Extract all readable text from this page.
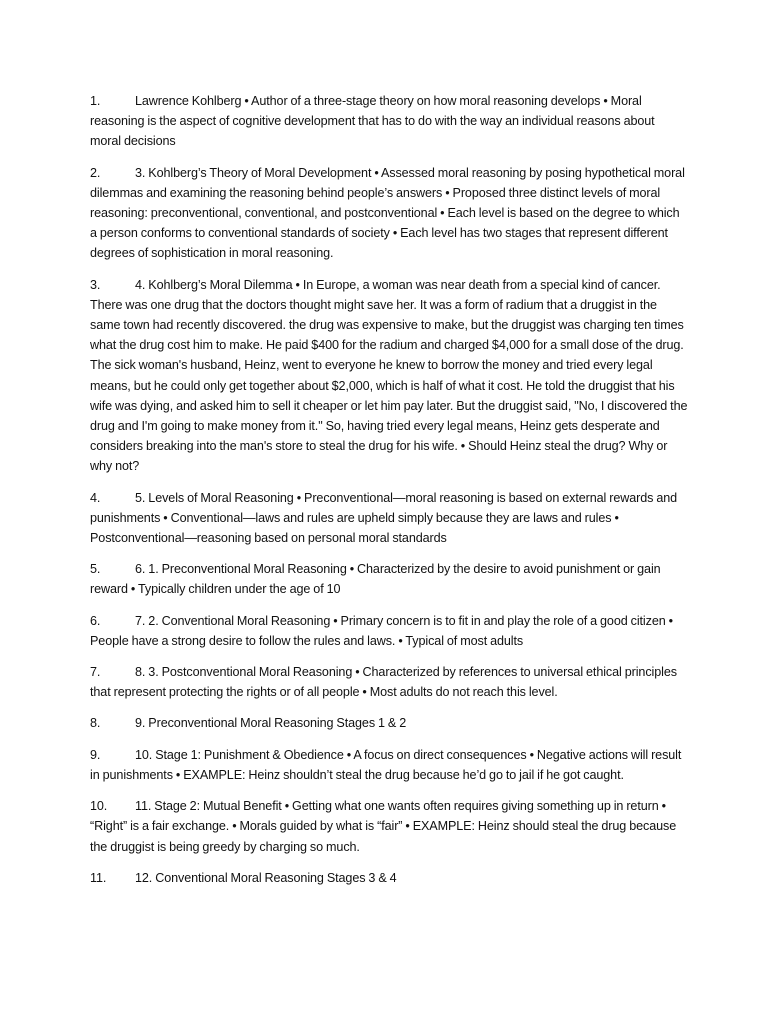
1.	Lawrence Kohlberg • Author of a three-stage theory on how moral reasoning develops • Moral reasoning is the aspect of cognitive development that has to do with the way an individual reasons about moral decisions

2.	3. Kohlberg’s Theory of Moral Development • Assessed moral reasoning by posing hypothetical moral dilemmas and examining the reasoning behind people’s answers • Proposed three distinct levels of moral reasoning: preconventional, conventional, and postconventional • Each level is based on the degree to which a person conforms to conventional standards of society • Each level has two stages that represent different degrees of sophistication in moral reasoning.

3.	4. Kohlberg’s Moral Dilemma • In Europe, a woman was near death from a special kind of cancer. There was one drug that the doctors thought might save her. It was a form of radium that a druggist in the same town had recently discovered. the drug was expensive to make, but the druggist was charging ten times what the drug cost him to make. He paid $400 for the radium and charged $4,000 for a small dose of the drug. The sick woman's husband, Heinz, went to everyone he knew to borrow the money and tried every legal means, but he could only get together about $2,000, which is half of what it cost. He told the druggist that his wife was dying, and asked him to sell it cheaper or let him pay later. But the druggist said, "No, I discovered the drug and I'm going to make money from it." So, having tried every legal means, Heinz gets desperate and considers breaking into the man's store to steal the drug for his wife. • Should Heinz steal the drug? Why or why not?

4.	5. Levels of Moral Reasoning • Preconventional—moral reasoning is based on external rewards and punishments • Conventional—laws and rules are upheld simply because they are laws and rules • Postconventional—reasoning based on personal moral standards

5.	6. 1. Preconventional Moral Reasoning • Characterized by the desire to avoid punishment or gain reward • Typically children under the age of 10

6.	7. 2. Conventional Moral Reasoning • Primary concern is to fit in and play the role of a good citizen • People have a strong desire to follow the rules and laws. • Typical of most adults

7.	8. 3. Postconventional Moral Reasoning • Characterized by references to universal ethical principles that represent protecting the rights or of all people • Most adults do not reach this level.

8.	9. Preconventional Moral Reasoning Stages 1 & 2

9.	10. Stage 1: Punishment & Obedience • A focus on direct consequences • Negative actions will result in punishments • EXAMPLE: Heinz shouldn’t steal the drug because he’d go to jail if he got caught.

10. 11. Stage 2: Mutual Benefit • Getting what one wants often requires giving something up in return • “Right” is a fair exchange. • Morals guided by what is “fair” • EXAMPLE: Heinz should steal the drug because the druggist is being greedy by charging so much.

11. 12. Conventional Moral Reasoning Stages 3 & 4
